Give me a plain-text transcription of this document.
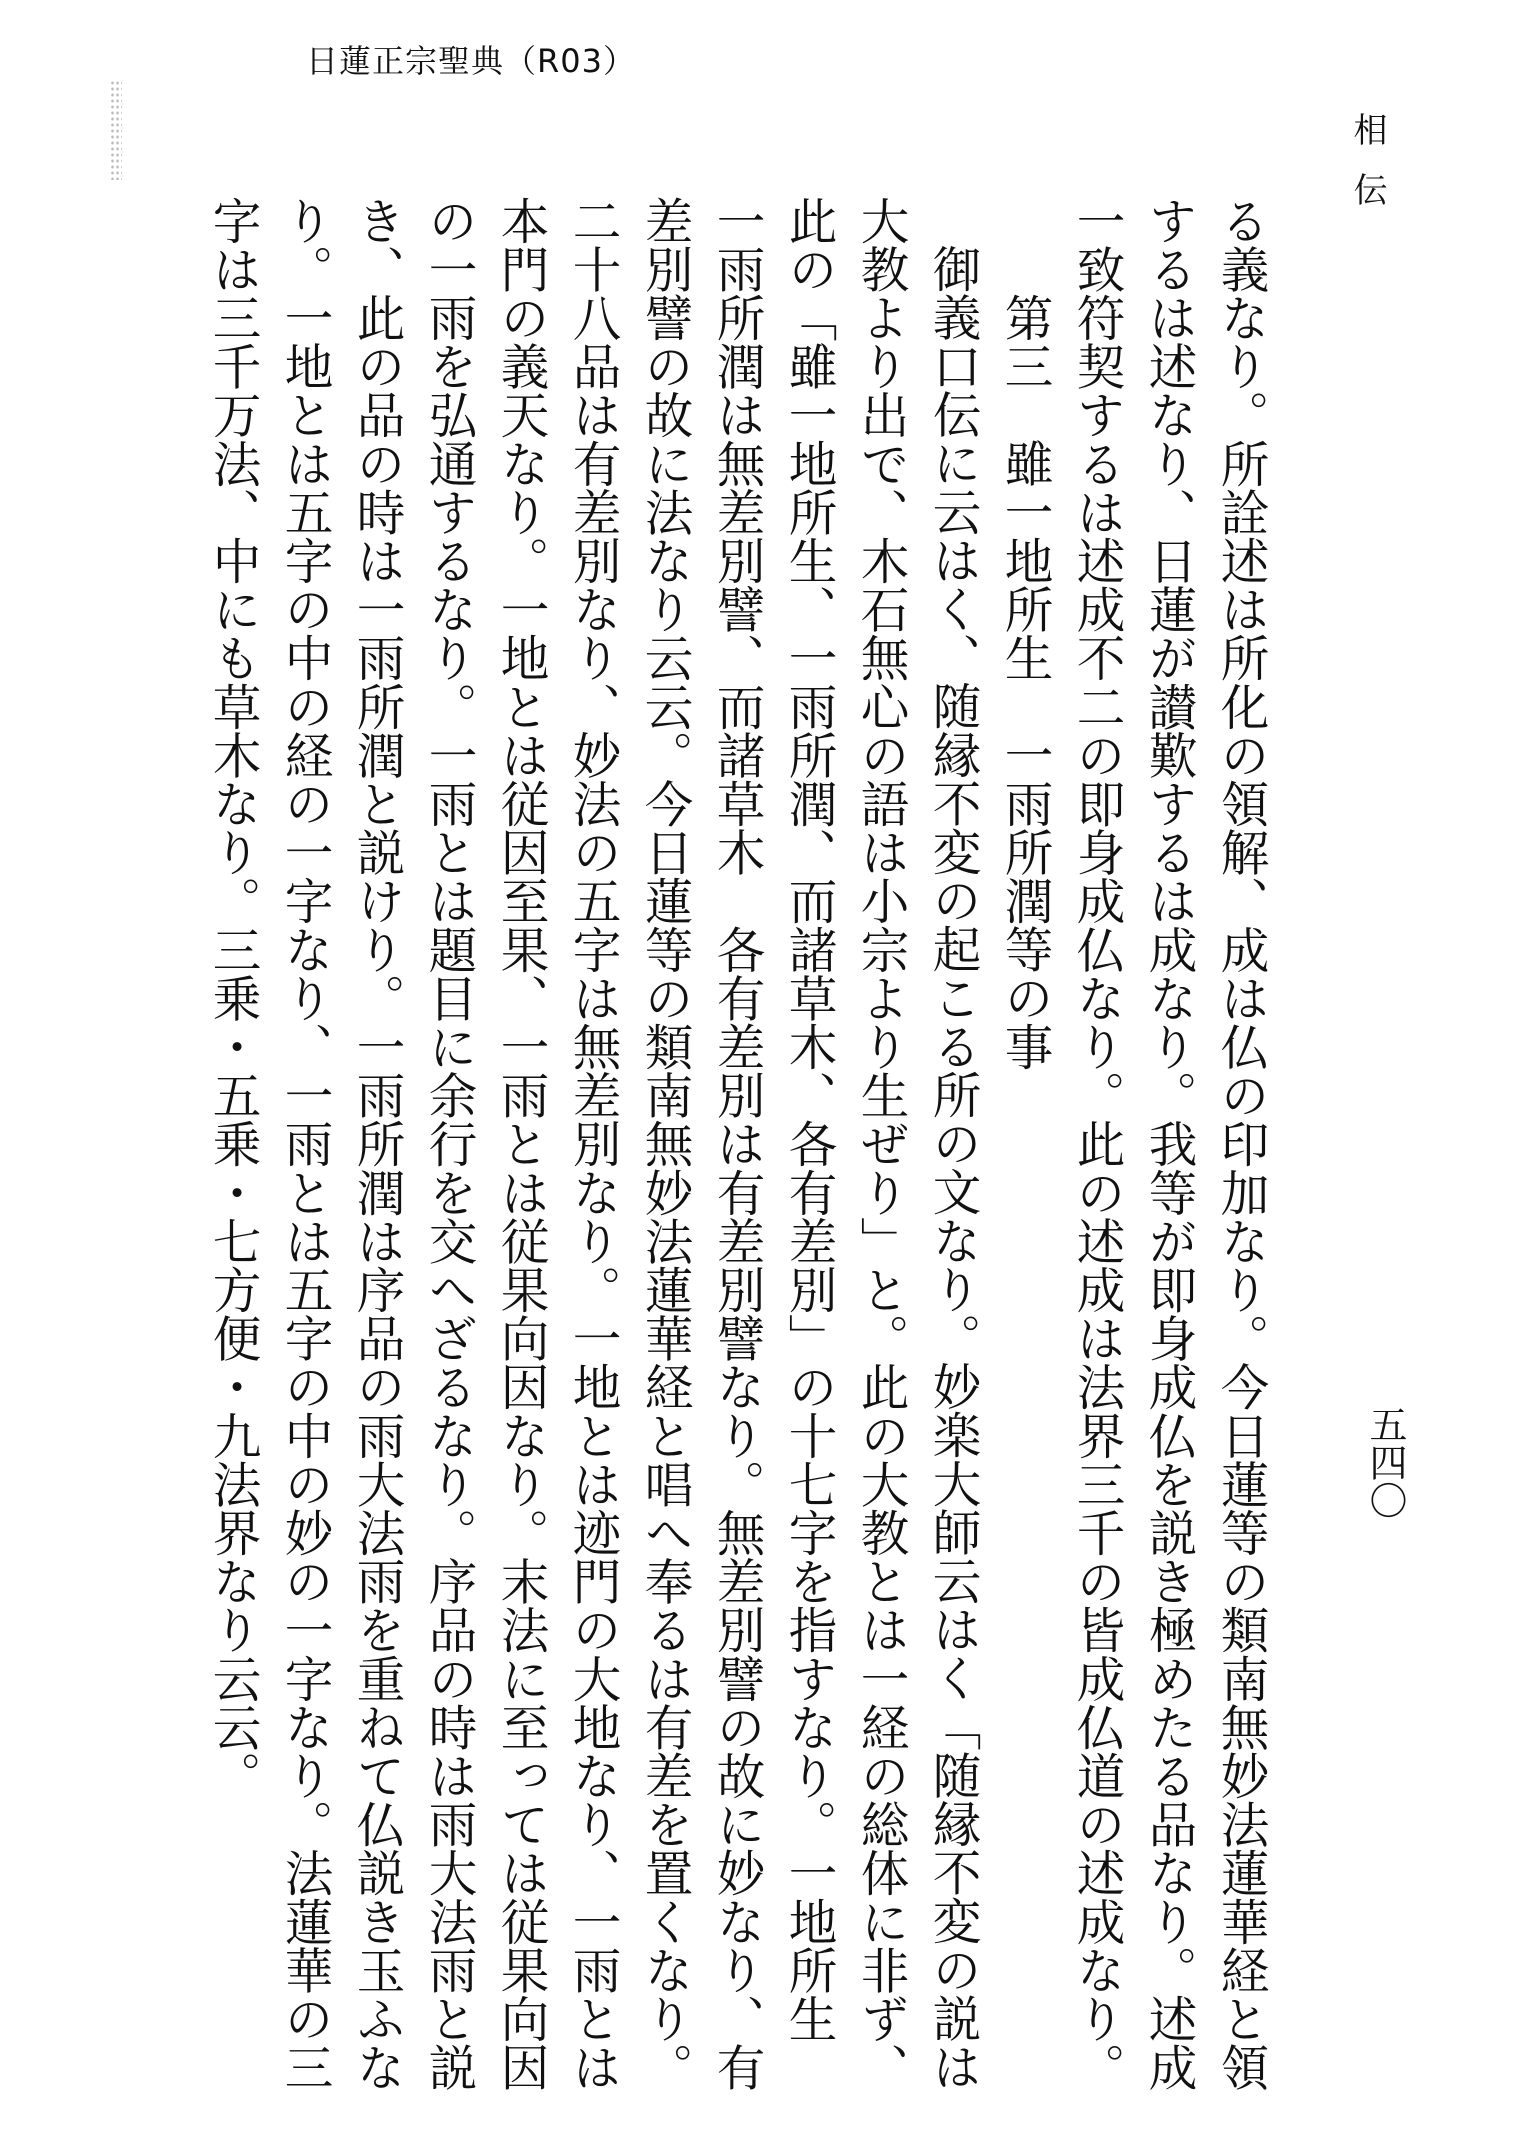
日蓮正宗聖典（R03）
相伝
五四〇
る義なり。所詮述は所化の領解、成は仏の印加なり。今日蓮等の類南無妙法蓮華経と領
するは述なり、日蓮が讃歎するは成なり。我等が即身成仏を説き極めたる品なり。述成
一致符契するは述成不二の即身成仏なり。此の述成は法界三千の皆成仏道の述成なり。
第三　雖一地所生　一雨所潤等の事
御義口伝に云はく、随縁不変の起こる所の文なり。妙楽大師云はく「随縁不変の説は
大教より出で、木石無心の語は小宗より生ぜり」と。此の大教とは一経の総体に非ず、
此の「雖一地所生、一雨所潤、而諸草木、各有差別」の十七字を指すなり。一地所生
一雨所潤は無差別譬、而諸草木　各有差別は有差別譬なり。無差別譬の故に妙なり、有
差別譬の故に法なり云云。今日蓮等の類南無妙法蓮華経と唱へ奉るは有差を置くなり。
二十八品は有差別なり、妙法の五字は無差別なり。一地とは迹門の大地なり、一雨とは
本門の義天なり。一地とは従因至果、一雨とは従果向因なり。末法に至っては従果向因
の一雨を弘通するなり。一雨とは題目に余行を交へざるなり。序品の時は雨大法雨と説
き、此の品の時は一雨所潤と説けり。一雨所潤は序品の雨大法雨を重ねて仏説き玉ふな
り。一地とは五字の中の経の一字なり、一雨とは五字の中の妙の一字なり。法蓮華の三
字は三千万法、中にも草木なり。三乗・五乗・七方便・九法界なり云云。
